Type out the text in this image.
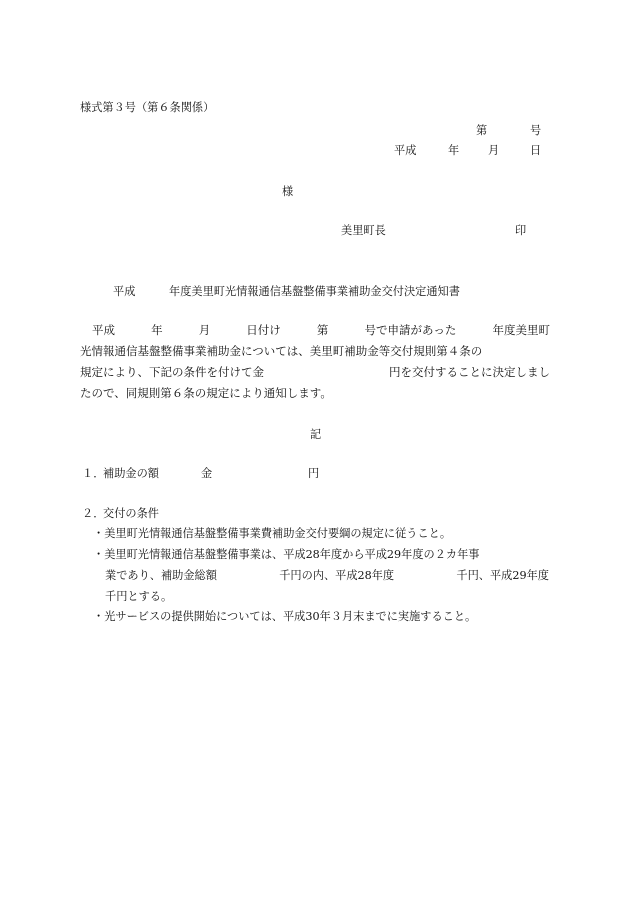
様式第３号（第６条関係）
第	号
平成	年	月	日
様
美里町長	印
平成	年度美里町光情報通信基盤整備事業補助金交付決定通知書
平成	年	月	日付け	第	号で申請があった	年度美里町
光情報通信基盤整備事業補助金については、美里町補助金等交付規則第４条の
規定により、下記の条件を付けて金	円を交付することに決定しまし
たので、同規則第６条の規定により通知します。
記
１．
補助金の額	金	円
２．
交付の条件
・美里町光情報通信基盤整備事業費補助金交付要綱の規定に従うこと。
・美里町光情報通信基盤整備事業は、平成28年度から平成29年度の２カ年事
業であり、補助金総額	千円の内、平成28年度	千円、平成29年度
千円とする。
・光サービスの提供開始については、平成30年３月末までに実施すること。
